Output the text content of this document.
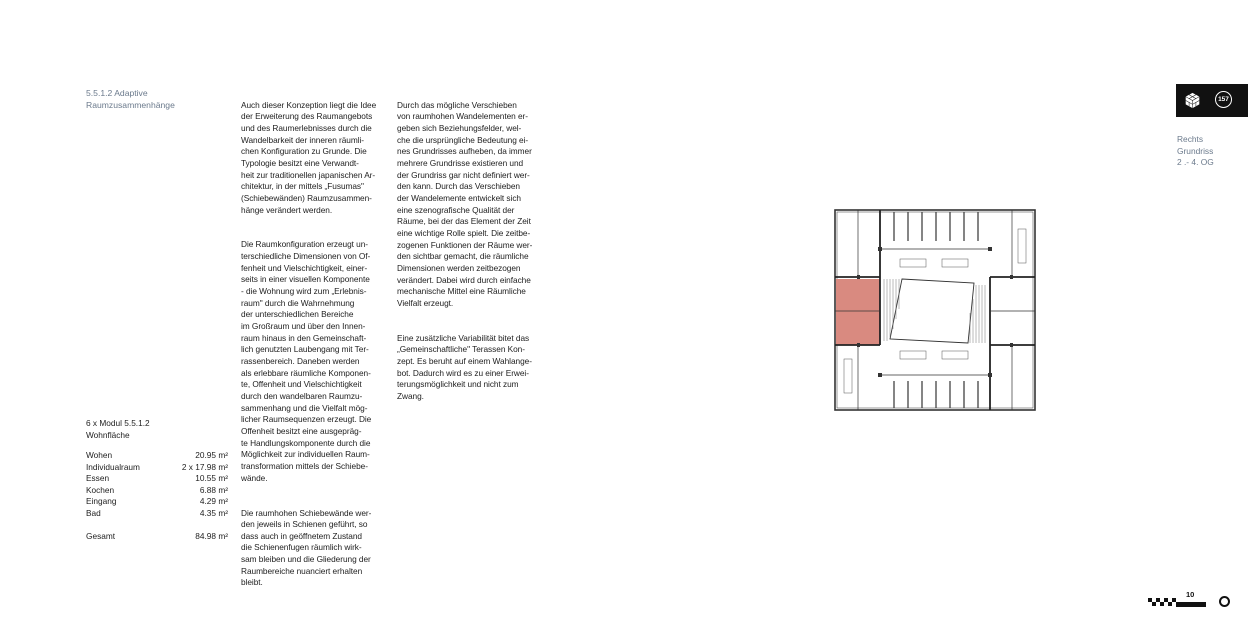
5.5.1.2 Adaptive
Raumzusammenhänge	Auch dieser Konzeption liegt die Idee
der Erweiterung des Raumangebots
und des Raumerlebnisses durch die
Wandelbarkeit der inneren räumli-
chen Konfiguration zu Grunde. Die
Typologie besitzt eine Verwandt-
heit zur traditionellen japanischen Ar-
chitektur, in der mittels „Fusumas"
(Schiebewänden) Raumzusammen-
hänge verändert werden.

Die Raumkonfiguration erzeugt un-
terschiedliche Dimensionen von Of-
fenheit und Vielschichtigkeit, einer-
seits in einer visuellen Komponente
- die Wohnung wird zum „Erlebnis-
raum" durch die Wahrnehmung
der unterschiedlichen Bereiche
im Großraum und über den Innen-
raum hinaus in den Gemeinschaft-
lich genutzten Laubengang mit Ter-
rassenbereich. Daneben werden
als erlebbare räumliche Komponen-
te, Offenheit und Vielschichtigkeit
durch den wandelbaren Raumzu-
sammenhang und die Vielfalt mög-
licher Raumsequenzen erzeugt. Die
Offenheit besitzt eine ausgepräg-
te Handlungskomponente durch die
Möglichkeit zur individuellen Raum-
transformation mittels der Schiebe-
wände.

Die raumhohen Schiebewände wer-
den jeweils in Schienen geführt, so
dass auch in geöffnetem Zustand
die Schienenfugen räumlich wirk-
sam bleiben und die Gliederung der
Raumbereiche nuanciert erhalten
bleibt.

Durch das mögliche Verschieben
von raumhohen Wandelementen er-
geben sich Beziehungsfelder, wel-
che die ursprüngliche Bedeutung ei-
nes Grundrisses aufheben, da immer
mehrere Grundrisse existieren und
der Grundriss gar nicht definiert wer-
den kann. Durch das Verschieben
der Wandelemente entwickelt sich
eine szenografische Qualität der
Räume, bei der das Element der Zeit
eine wichtige Rolle spielt. Die zeitbe-
zogenen Funktionen der Räume wer-
den sichtbar gemacht, die räumliche
Dimensionen werden zeitbezogen
verändert. Dabei wird durch einfache
mechanische Mittel eine Räumliche
Vielfalt erzeugt.

Eine zusätzliche Variabilität bitet das
„Gemeinschaftliche" Terassen Kon-
zept. Es beruht auf einem Wahlange-
bot. Dadurch wird es zu einer Erwei-
terungsmöglichkeit und nicht zum
Zwang.

6 x Modul 5.5.1.2
Wohnfläche
Wohen	20.95 m²
Individualraum	2 x 17.98 m²
Essen	10.55 m²
Kochen	6.88 m²
Eingang	4.29 m²
Bad	4.35 m²
Gesamt	84.98 m²
157
Rechts
Grundriss
2 .- 4. OG
10
